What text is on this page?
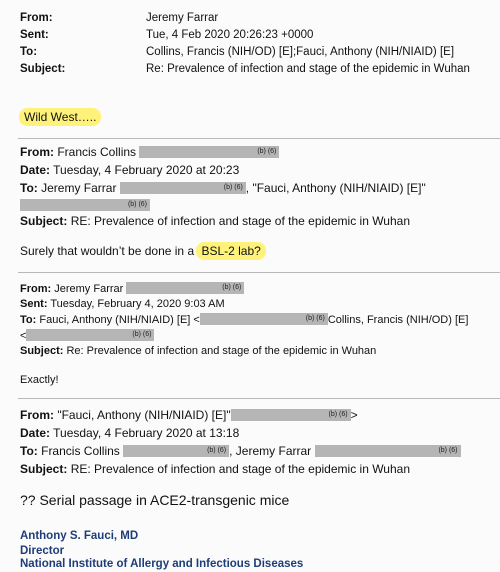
From:	Jeremy Farrar
Sent:	Tue, 4 Feb 2020 20:26:23 +0000
To:	Collins, Francis (NIH/OD) [E];Fauci, Anthony (NIH/NIAID) [E]
Subject:	Re: Prevalence of infection and stage of the epidemic in Wuhan
Wild West…..
From: Francis Collins	(b) (6)
Date: Tuesday, 4 February 2020 at 20:23
To: Jeremy Farrar	(b) (6) , "Fauci, Anthony (NIH/NIAID) [E]"
(b) (6)
Subject: RE: Prevalence of infection and stage of the epidemic in Wuhan
Surely that wouldn’t be done in a BSL-2 lab?
From: Jeremy Farrar	(b) (6)
Sent: Tuesday, February 4, 2020 9:03 AM
To: Fauci, Anthony (NIH/NIAID) [E] <	(b) (6) Collins, Francis (NIH/OD) [E]
<	(b) (6)
Subject: Re: Prevalence of infection and stage of the epidemic in Wuhan
Exactly!
From: "Fauci, Anthony (NIH/NIAID) [E]"	(b) (6) >
Date: Tuesday, 4 February 2020 at 13:18
To: Francis Collins	(b) (6) , Jeremy Farrar	(b) (6)
Subject: RE: Prevalence of infection and stage of the epidemic in Wuhan
?? Serial passage in ACE2-transgenic mice
Anthony S. Fauci, MD
Director
National Institute of Allergy and Infectious Diseases
